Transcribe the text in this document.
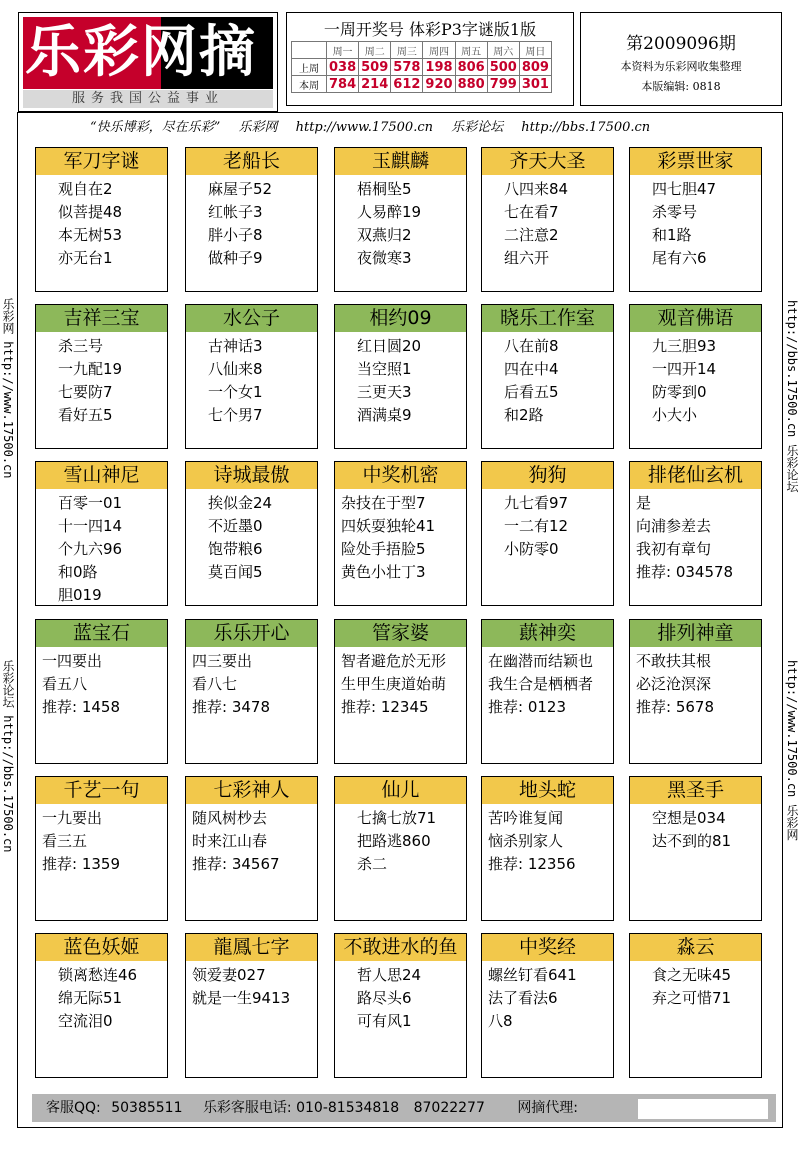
乐彩网摘
服务我国公益事业
一周开奖号 体彩P3字谜版1版
	周一	周二	周三	周四	周五	周六	周日
上周	038	509	578	198	806	500	809
本周	784	214	612	920	880	799	301
第2009096期
本资料为乐彩网收集整理
本版编辑: 0818
“快乐博彩，尽在乐彩” 乐彩网 http://www.17500.cn 乐彩论坛 http://bbs.17500.cn
乐彩网 http://www.17500.cn
乐彩论坛 http://bbs.17500.cn
http://bbs.17500.cn 乐彩论坛
http://www.17500.cn 乐彩网
军刀字谜
观自在2
似菩提48
本无树53
亦无台1
老船长
麻屋子52
红帐子3
胖小子8
做种子9
玉麒麟
梧桐坠5
人易醉19
双燕归2
夜微寒3
齐天大圣
八四来84
七在看7
二注意2
组六开
彩票世家
四七胆47
杀零号
和1路
尾有六6
吉祥三宝
杀三号
一九配19
七要防7
看好五5
水公子
古神话3
八仙来8
一个女1
七个男7
相约09
红日圆20
当空照1
三更天3
酒满桌9
晓乐工作室
八在前8
四在中4
后看五5
和2路
观音佛语
九三胆93
一四开14
防零到0
小大小
雪山神尼
百零一01
十一四14
个九六96
和0路
胆019
诗城最傲
挨似金24
不近墨0
饱带粮6
莫百闻5
中奖机密
杂技在于型7
四妖耍独轮41
险处手捂脸5
黄色小壮丁3
狗狗
九七看97
一二有12
小防零0
排佬仙玄机
是
向浦参差去
我初有章句
推荐: 034578
蓝宝石
一四要出
看五八
推荐: 1458
乐乐开心
四三要出
看八七
推荐: 3478
管家婆
智者避危於无形
生甲生庚道始萌
推荐: 12345
蕻神奕
在幽潜而结颖也
我生合是栖栖者
推荐: 0123
排列神童
不敢扶其根
必泛沧溟深
推荐: 5678
千艺一句
一九要出
看三五
推荐: 1359
七彩神人
随风树杪去
时来江山春
推荐: 34567
仙儿
七擒七放71
把路逃860
杀二
地头蛇
苦吟谁复闻
恼杀别家人
推荐: 12356
黑圣手
空想是034
达不到的81
蓝色妖姬
锁离愁连46
绵无际51
空流泪0
龍鳳七字
领爱妻027
就是一生9413
不敢进水的鱼
哲人思24
路尽头6
可有风1
中奖经
螺丝钉看641
法了看法6
八8
淼云
食之无味45
弃之可惜71
客服QQ: 50385511 乐彩客服电话: 010-81534818 87022277 网摘代理:
